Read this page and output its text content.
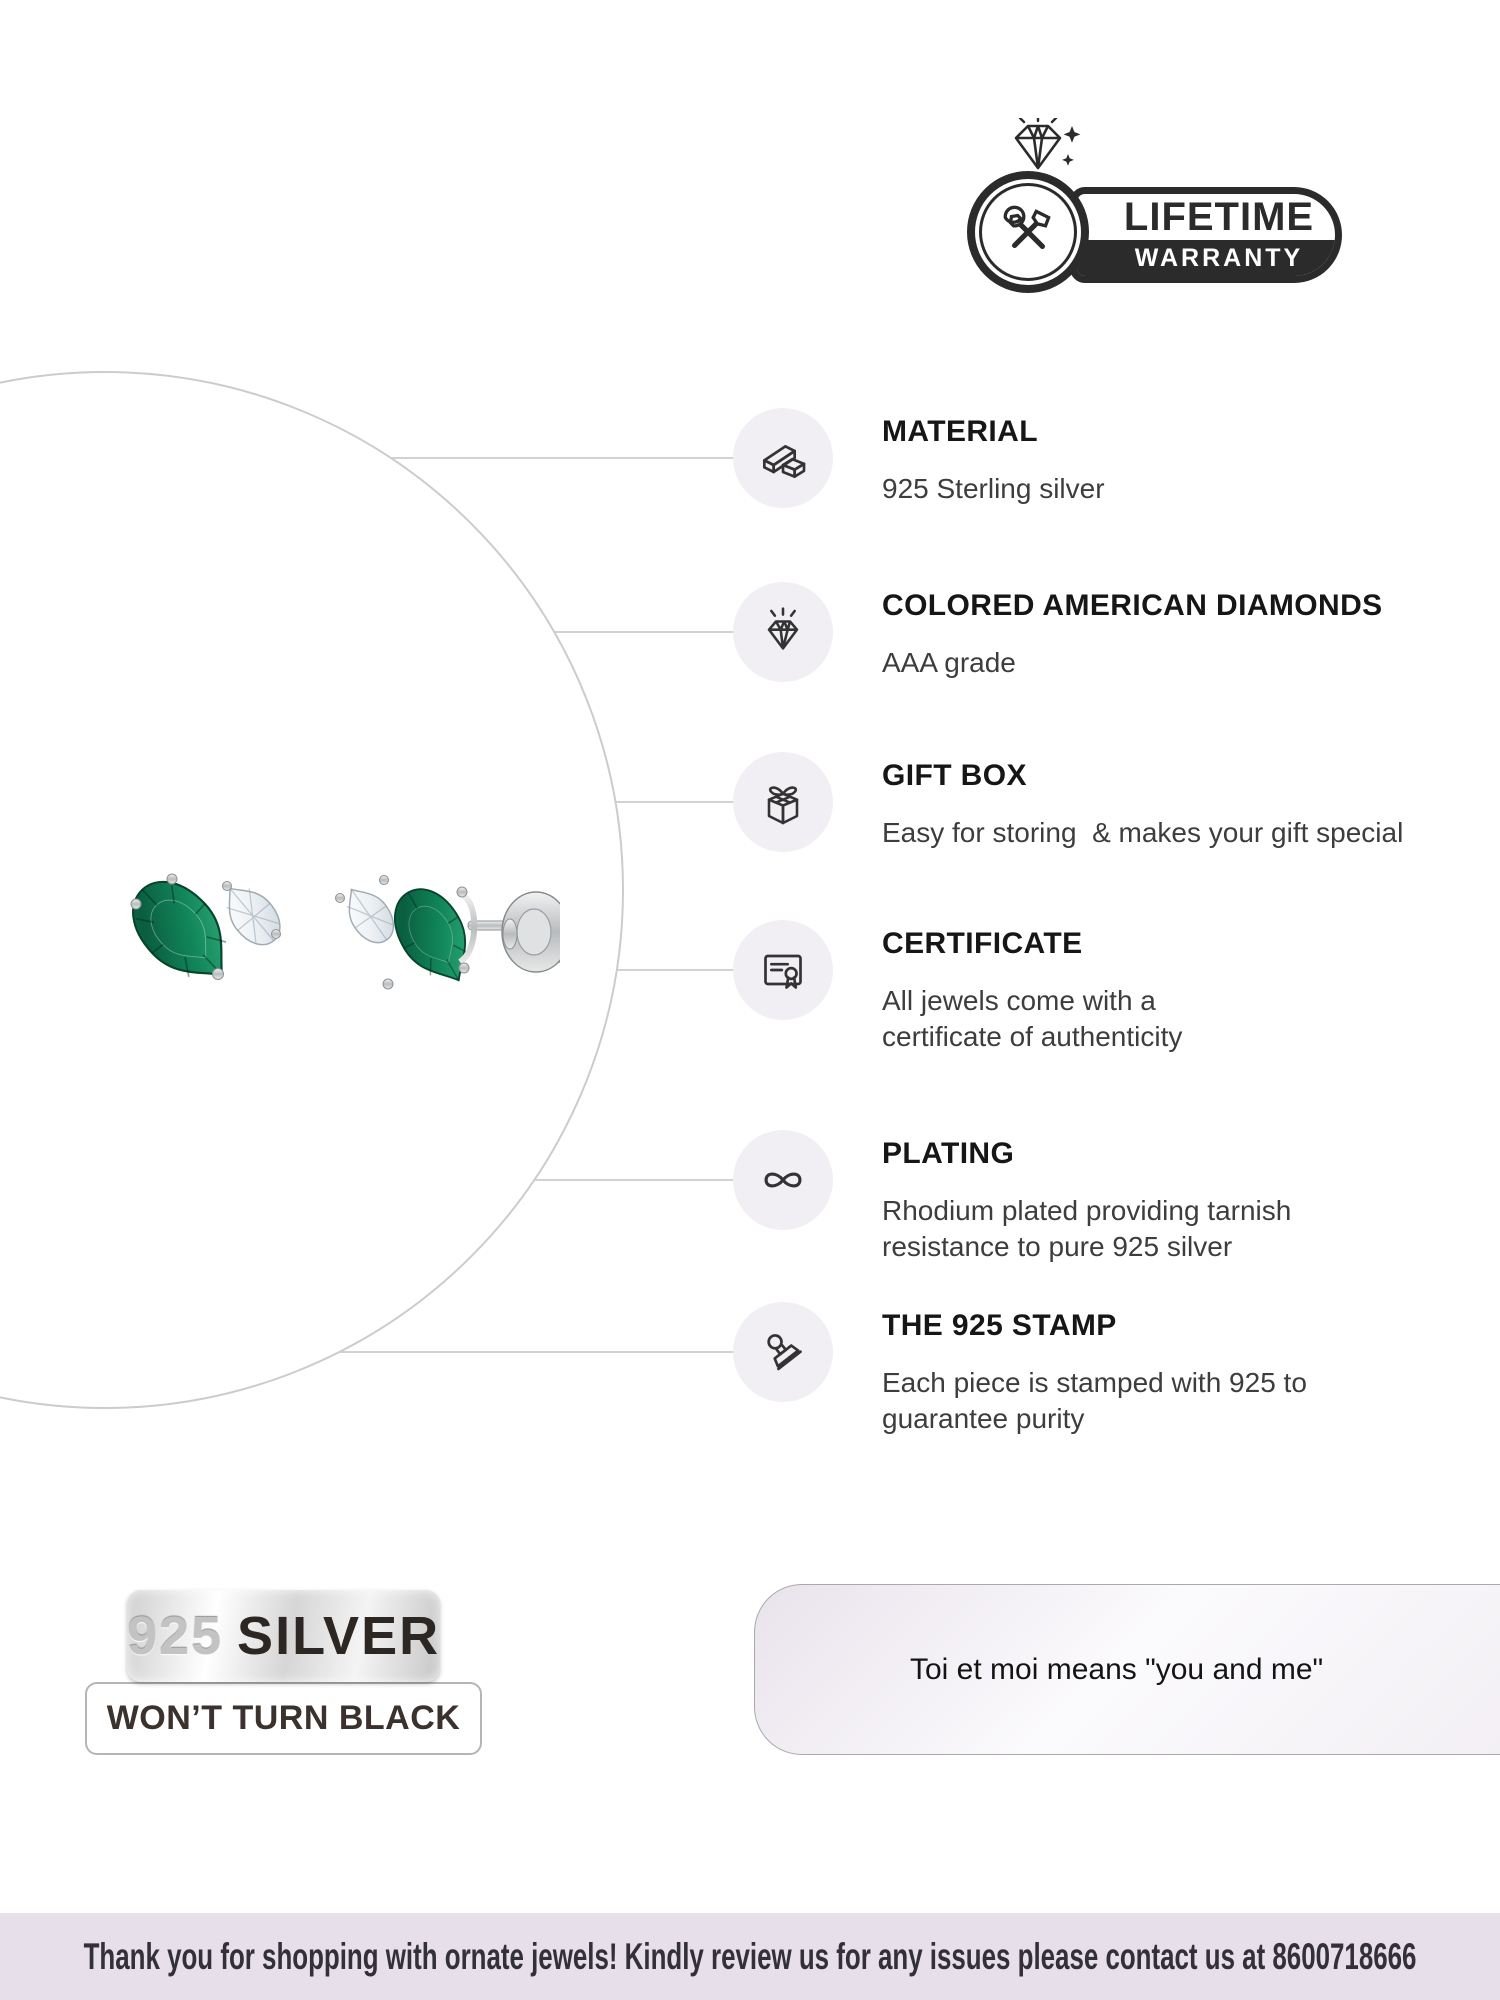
LIFETIME
WARRANTY
MATERIAL
925 Sterling silver
COLORED AMERICAN DIAMONDS
AAA grade
GIFT BOX
Easy for storing  & makes your gift special
CERTIFICATE
All jewels come with a
certificate of authenticity
PLATING
Rhodium plated providing tarnish
resistance to pure 925 silver
THE 925 STAMP
Each piece is stamped with 925 to
guarantee purity
925 SILVER
WON’T TURN BLACK
Toi et moi means "you and me"
Thank you for shopping with ornate jewels! Kindly review us for any issues please contact us at 8600718666
